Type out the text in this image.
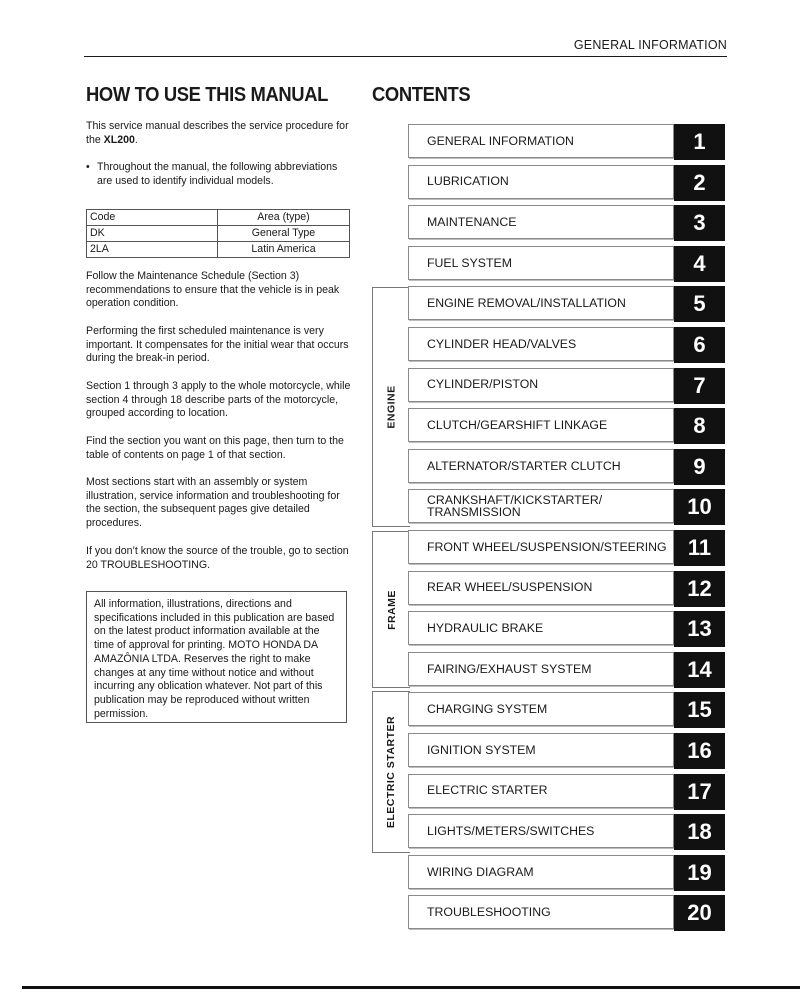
GENERAL INFORMATION
HOW TO USE THIS MANUAL

This service manual describes the service procedure for the XL200.

• Throughout the manual, the following abbreviations are used to identify individual models.
Code	Area (type)
DK	General Type
2LA	Latin America

Follow the Maintenance Schedule (Section 3) recommendations to ensure that the vehicle is in peak operation condition.

Performing the first scheduled maintenance is very important. It compensates for the initial wear that occurs during the break-in period.

Section 1 through 3 apply to the whole motorcycle, while section 4 through 18 describe parts of the motorcycle, grouped according to location.

Find the section you want on this page, then turn to the table of contents on page 1 of that section.

Most sections start with an assembly or system illustration, service information and troubleshooting for the section, the subsequent pages give detailed procedures.

If you don’t know the source of the trouble, go to section 20 TROUBLESHOOTING.

All information, illustrations, directions and specifications included in this publication are based on the latest product information available at the time of approval for printing. MOTO HONDA DA AMAZÔNIA LTDA. Reserves the right to make changes at any time without notice and without incurring any oblication whatever. Not part of this publication may be reproduced without written permission.
CONTENTS
ENGINE
FRAME
ELECTRIC STARTER
GENERAL INFORMATION	1
LUBRICATION	2
MAINTENANCE	3
FUEL SYSTEM	4
ENGINE REMOVAL/INSTALLATION	5
CYLINDER HEAD/VALVES	6
CYLINDER/PISTON	7
CLUTCH/GEARSHIFT LINKAGE	8
ALTERNATOR/STARTER CLUTCH	9
CRANKSHAFT/KICKSTARTER/ TRANSMISSION	10
FRONT WHEEL/SUSPENSION/STEERING 11
REAR WHEEL/SUSPENSION	12
HYDRAULIC BRAKE	13
FAIRING/EXHAUST SYSTEM	14
CHARGING SYSTEM	15
IGNITION SYSTEM	16
ELECTRIC STARTER	17
LIGHTS/METERS/SWITCHES	18
WIRING DIAGRAM	19
TROUBLESHOOTING	20
